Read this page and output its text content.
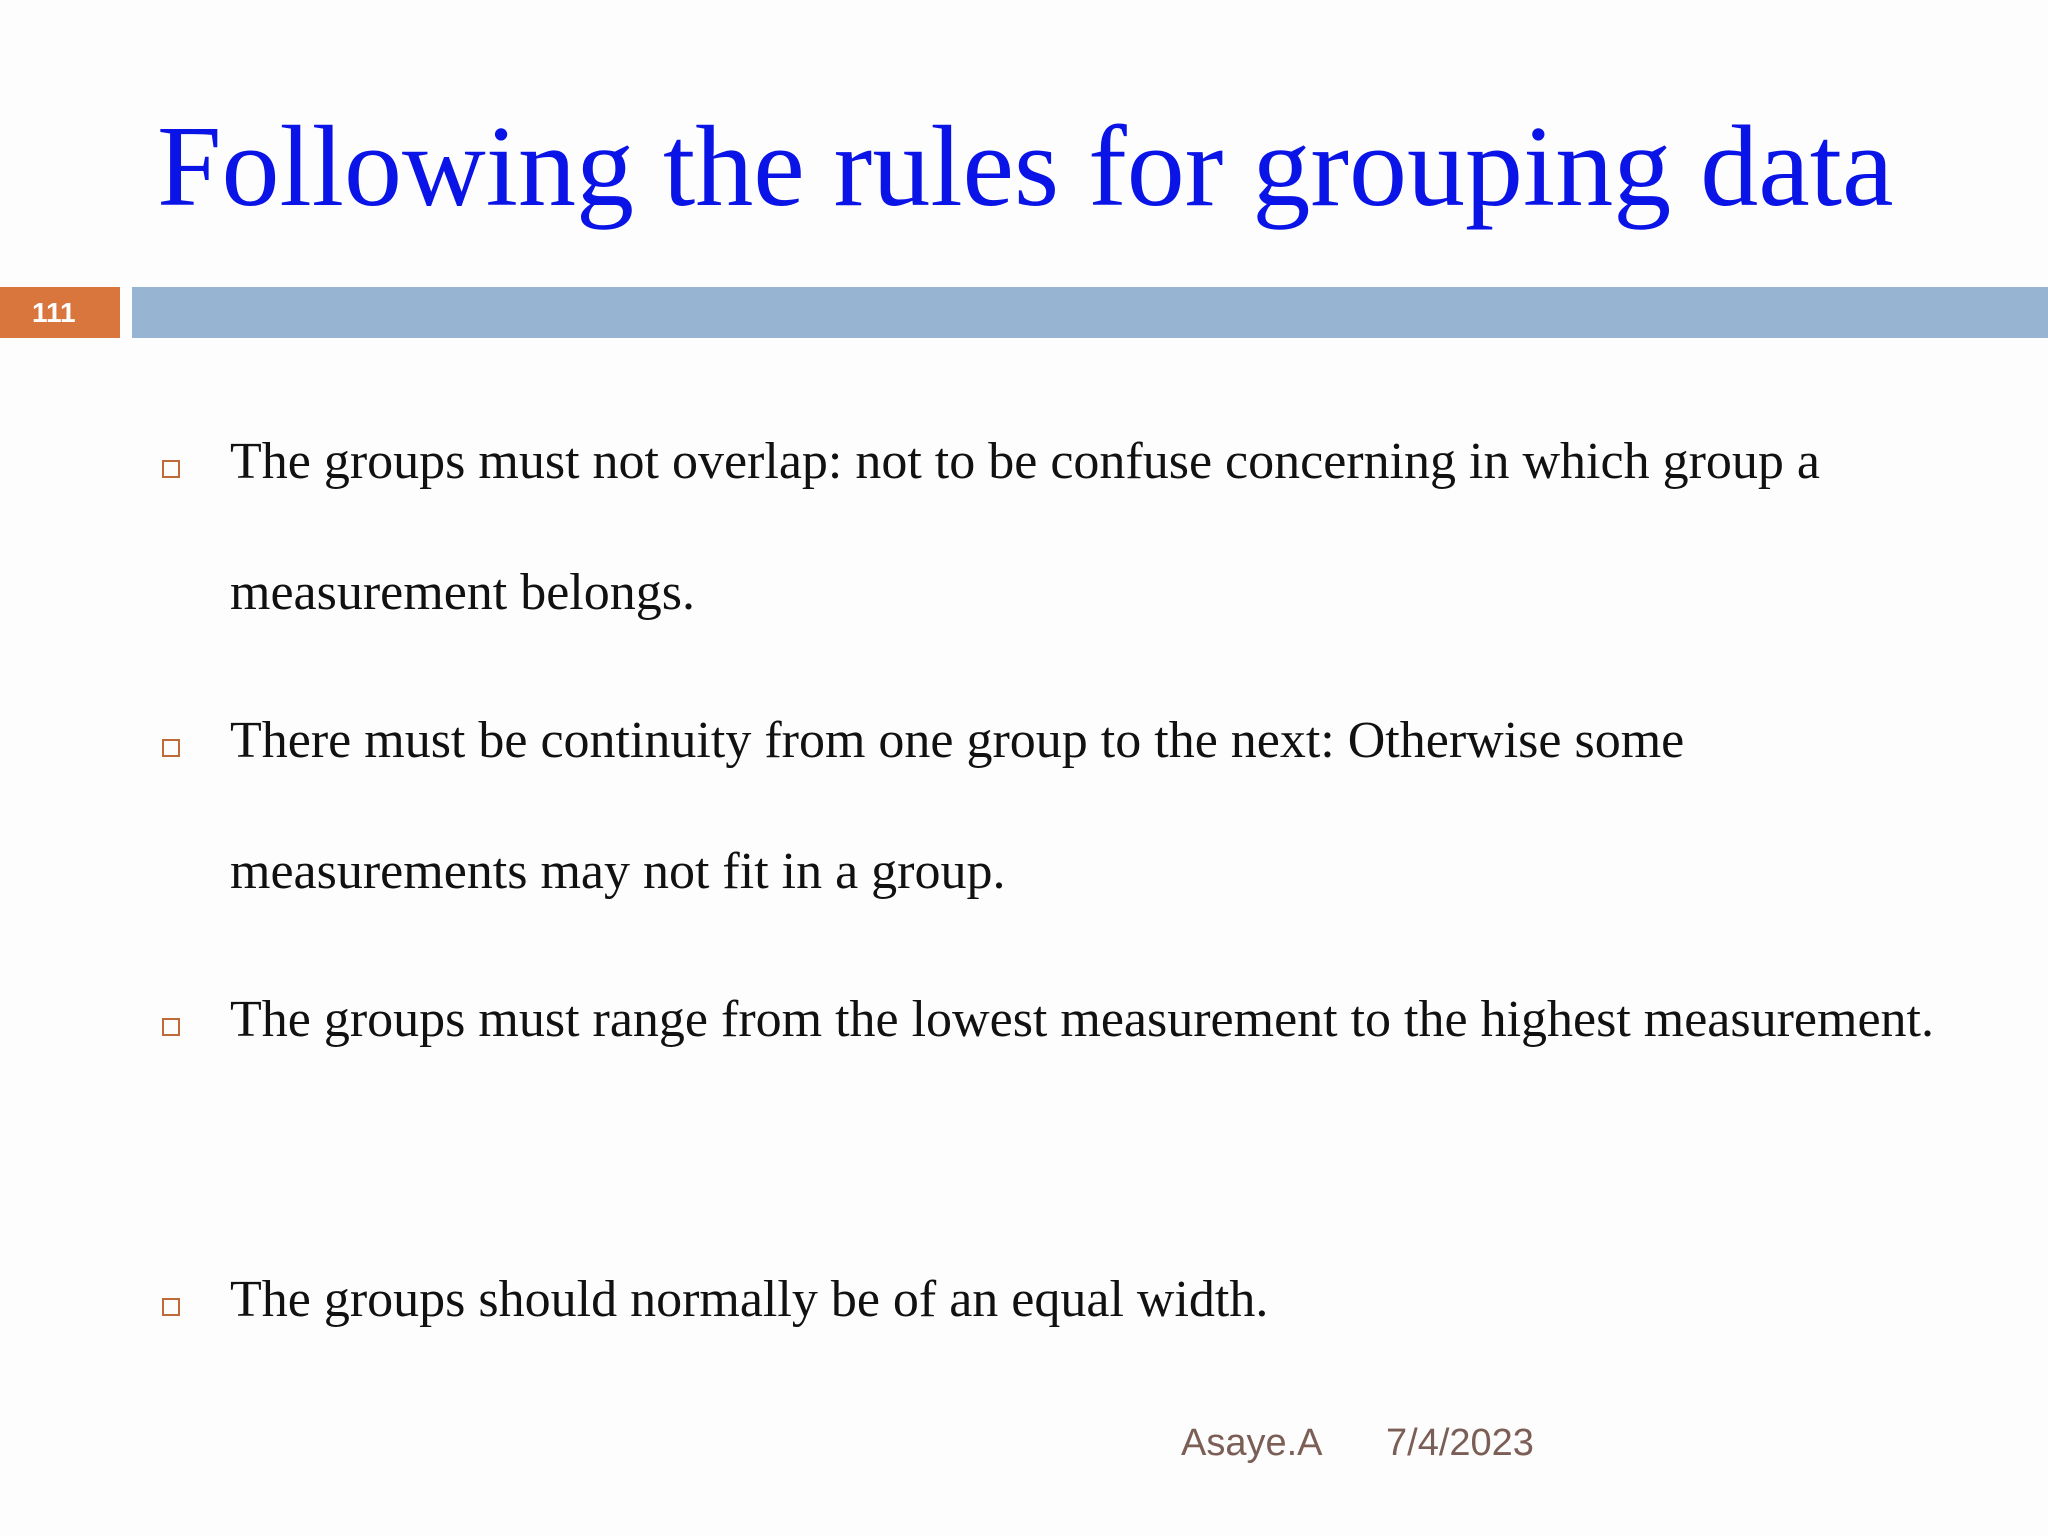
Following the rules for grouping data
111
The groups must not overlap: not to be confuse concerning in which group a measurement belongs.
There must be continuity from one group to the next: Otherwise some measurements may not fit in a group.
The groups must range from the lowest measurement to the highest measurement.
The groups should normally be of an equal width.
Asaye.A 7/4/2023
